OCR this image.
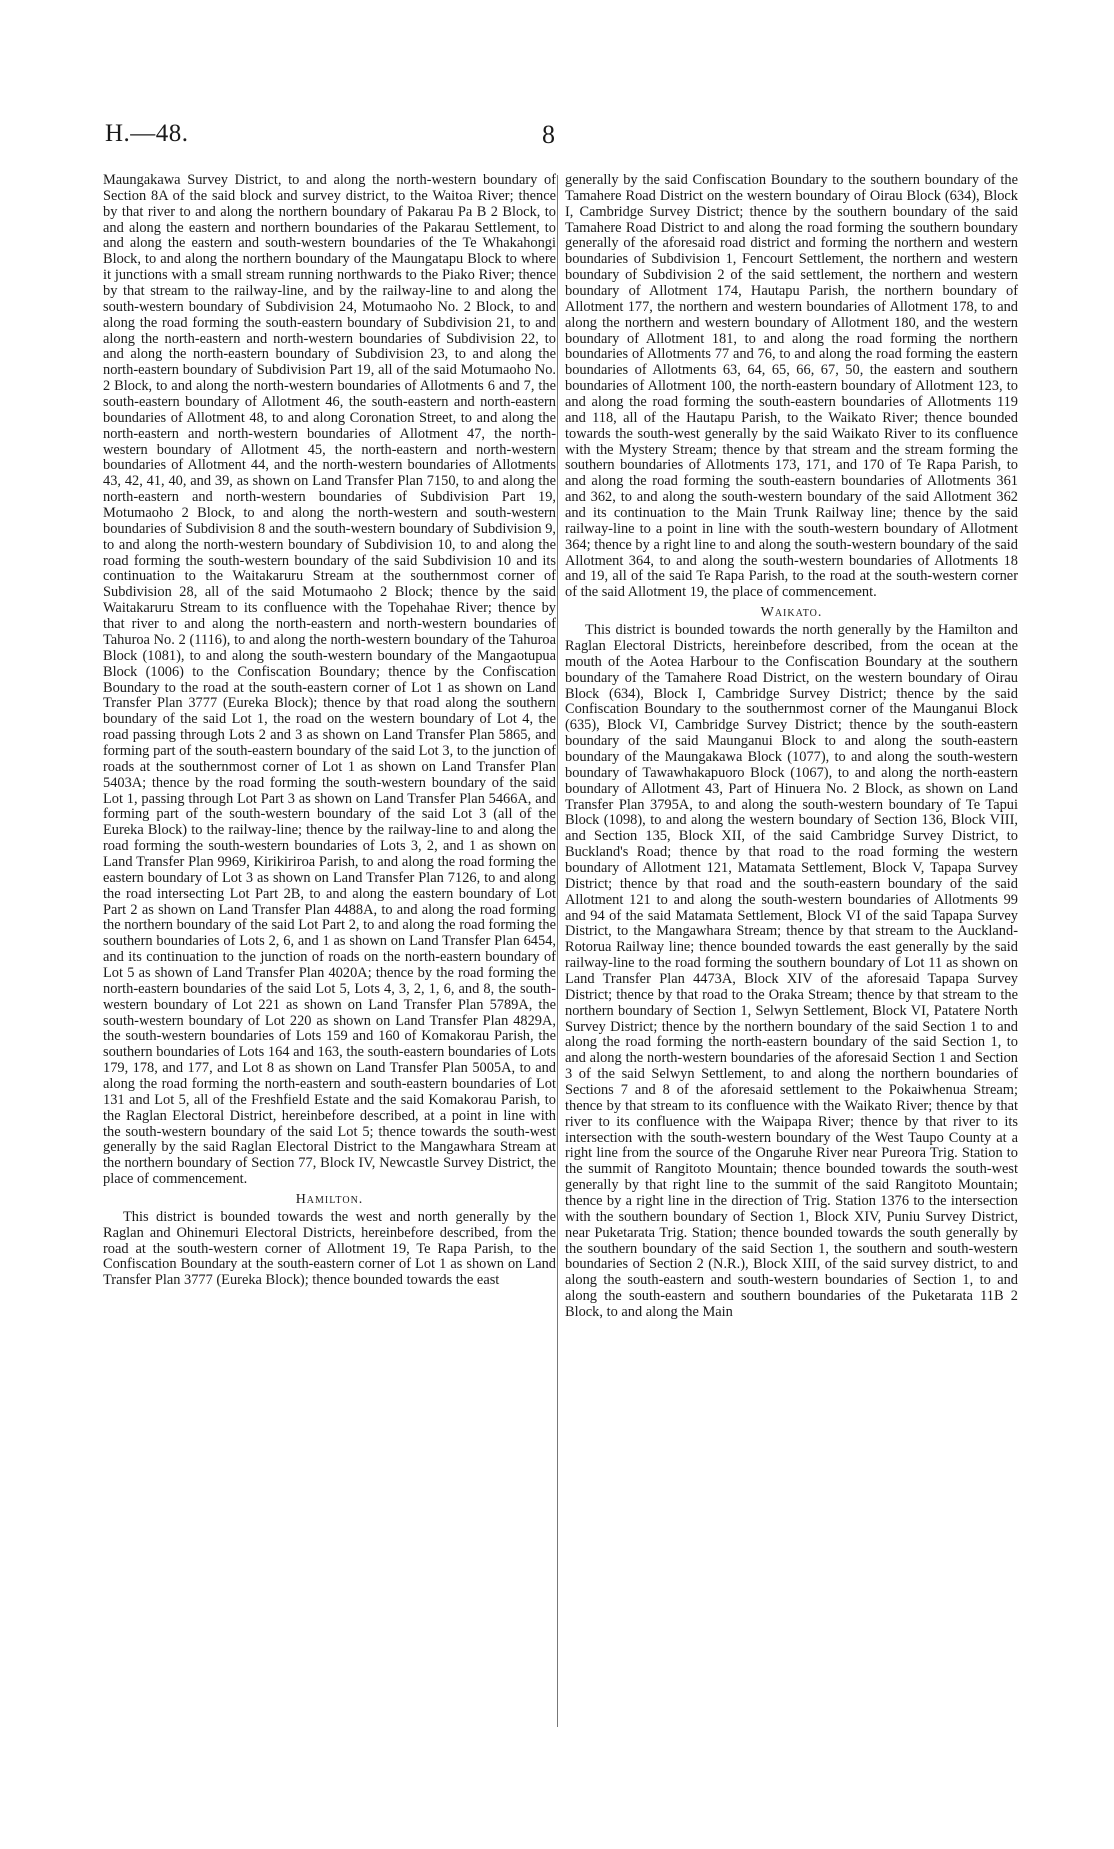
H.—48.	8

Maungakawa Survey District, to and along the north-western boundary of Section 8A of the said block and survey district, to the Waitoa River; thence by that river to and along the northern boundary of Pakarau Pa B 2 Block, to and along the eastern and northern boundaries of the Pakarau Settlement, to and along the eastern and south-western boundaries of the Te Whakahongi Block, to and along the northern boundary of the Maungatapu Block to where it junctions with a small stream running northwards to the Piako River; thence by that stream to the railway-line, and by the railway-line to and along the south-western boundary of Subdivision 24, Motumaoho No. 2 Block, to and along the road forming the south-eastern boundary of Subdivision 21, to and along the north-eastern and north-western boundaries of Subdivision 22, to and along the north-eastern boundary of Subdivision 23, to and along the north-eastern boundary of Subdivision Part 19, all of the said Motumaoho No. 2 Block, to and along the north-western boundaries of Allotments 6 and 7, the south-eastern boundary of Allotment 46, the south-eastern and north-eastern boundaries of Allotment 48, to and along Coronation Street, to and along the north-eastern and north-western boundaries of Allotment 47, the north-western boundary of Allotment 45, the north-eastern and north-western boundaries of Allotment 44, and the north-western boundaries of Allotments 43, 42, 41, 40, and 39, as shown on Land Transfer Plan 7150, to and along the north-eastern and north-western boundaries of Subdivision Part 19, Motumaoho 2 Block, to and along the north-western and south-western boundaries of Subdivision 8 and the south-western boundary of Subdivision 9, to and along the north-western boundary of Subdivision 10, to and along the road forming the south-western boundary of the said Subdivision 10 and its continuation to the Waitakaruru Stream at the southernmost corner of Subdivision 28, all of the said Motumaoho 2 Block; thence by the said Waitakaruru Stream to its confluence with the Topehahae River; thence by that river to and along the north-eastern and north-western boundaries of Tahuroa No. 2 (1116), to and along the north-western boundary of the Tahuroa Block (1081), to and along the south-western boundary of the Mangaotupua Block (1006) to the Confiscation Boundary; thence by the Confiscation Boundary to the road at the south-eastern corner of Lot 1 as shown on Land Transfer Plan 3777 (Eureka Block); thence by that road along the southern boundary of the said Lot 1, the road on the western boundary of Lot 4, the road passing through Lots 2 and 3 as shown on Land Transfer Plan 5865, and forming part of the south-eastern boundary of the said Lot 3, to the junction of roads at the southernmost corner of Lot 1 as shown on Land Transfer Plan 5403A; thence by the road forming the south-western boundary of the said Lot 1, passing through Lot Part 3 as shown on Land Transfer Plan 5466A, and forming part of the south-western boundary of the said Lot 3 (all of the Eureka Block) to the railway-line; thence by the railway-line to and along the road forming the south-western boundaries of Lots 3, 2, and 1 as shown on Land Transfer Plan 9969, Kirikiriroa Parish, to and along the road forming the eastern boundary of Lot 3 as shown on Land Transfer Plan 7126, to and along the road intersecting Lot Part 2B, to and along the eastern boundary of Lot Part 2 as shown on Land Transfer Plan 4488A, to and along the road forming the northern boundary of the said Lot Part 2, to and along the road forming the southern boundaries of Lots 2, 6, and 1 as shown on Land Transfer Plan 6454, and its continuation to the junction of roads on the north-eastern boundary of Lot 5 as shown of Land Transfer Plan 4020A; thence by the road forming the north-eastern boundaries of the said Lot 5, Lots 4, 3, 2, 1, 6, and 8, the south-western boundary of Lot 221 as shown on Land Transfer Plan 5789A, the south-western boundary of Lot 220 as shown on Land Transfer Plan 4829A, the south-western boundaries of Lots 159 and 160 of Komakorau Parish, the southern boundaries of Lots 164 and 163, the south-eastern boundaries of Lots 179, 178, and 177, and Lot 8 as shown on Land Transfer Plan 5005A, to and along the road forming the north-eastern and south-eastern boundaries of Lot 131 and Lot 5, all of the Freshfield Estate and the said Komakorau Parish, to the Raglan Electoral District, hereinbefore described, at a point in line with the south-western boundary of the said Lot 5; thence towards the south-west generally by the said Raglan Electoral District to the Mangawhara Stream at the northern boundary of Section 77, Block IV, Newcastle Survey District, the place of commencement.

Hamilton.

This district is bounded towards the west and north generally by the Raglan and Ohinemuri Electoral Districts, hereinbefore described, from the road at the south-western corner of Allotment 19, Te Rapa Parish, to the Confiscation Boundary at the south-eastern corner of Lot 1 as shown on Land Transfer Plan 3777 (Eureka Block); thence bounded towards the east

generally by the said Confiscation Boundary to the southern boundary of the Tamahere Road District on the western boundary of Oirau Block (634), Block I, Cambridge Survey District; thence by the southern boundary of the said Tamahere Road District to and along the road forming the southern boundary generally of the aforesaid road district and forming the northern and western boundaries of Subdivision 1, Fencourt Settlement, the northern and western boundary of Subdivision 2 of the said settlement, the northern and western boundary of Allotment 174, Hautapu Parish, the northern boundary of Allotment 177, the northern and western boundaries of Allotment 178, to and along the northern and western boundary of Allotment 180, and the western boundary of Allotment 181, to and along the road forming the northern boundaries of Allotments 77 and 76, to and along the road forming the eastern boundaries of Allotments 63, 64, 65, 66, 67, 50, the eastern and southern boundaries of Allotment 100, the north-eastern boundary of Allotment 123, to and along the road forming the south-eastern boundaries of Allotments 119 and 118, all of the Hautapu Parish, to the Waikato River; thence bounded towards the south-west generally by the said Waikato River to its confluence with the Mystery Stream; thence by that stream and the stream forming the southern boundaries of Allotments 173, 171, and 170 of Te Rapa Parish, to and along the road forming the south-eastern boundaries of Allotments 361 and 362, to and along the south-western boundary of the said Allotment 362 and its continuation to the Main Trunk Railway line; thence by the said railway-line to a point in line with the south-western boundary of Allotment 364; thence by a right line to and along the south-western boundary of the said Allotment 364, to and along the south-western boundaries of Allotments 18 and 19, all of the said Te Rapa Parish, to the road at the south-western corner of the said Allotment 19, the place of commencement.

Waikato.

This district is bounded towards the north generally by the Hamilton and Raglan Electoral Districts, hereinbefore described, from the ocean at the mouth of the Aotea Harbour to the Confiscation Boundary at the southern boundary of the Tamahere Road District, on the western boundary of Oirau Block (634), Block I, Cambridge Survey District; thence by the said Confiscation Boundary to the southernmost corner of the Maunganui Block (635), Block VI, Cambridge Survey District; thence by the south-eastern boundary of the said Maunganui Block to and along the south-eastern boundary of the Maungakawa Block (1077), to and along the south-western boundary of Tawawhakapuoro Block (1067), to and along the north-eastern boundary of Allotment 43, Part of Hinuera No. 2 Block, as shown on Land Transfer Plan 3795A, to and along the south-western boundary of Te Tapui Block (1098), to and along the western boundary of Section 136, Block VIII, and Section 135, Block XII, of the said Cambridge Survey District, to Buckland's Road; thence by that road to the road forming the western boundary of Allotment 121, Matamata Settlement, Block V, Tapapa Survey District; thence by that road and the south-eastern boundary of the said Allotment 121 to and along the south-western boundaries of Allotments 99 and 94 of the said Matamata Settlement, Block VI of the said Tapapa Survey District, to the Mangawhara Stream; thence by that stream to the Auckland-Rotorua Railway line; thence bounded towards the east generally by the said railway-line to the road forming the southern boundary of Lot 11 as shown on Land Transfer Plan 4473A, Block XIV of the aforesaid Tapapa Survey District; thence by that road to the Oraka Stream; thence by that stream to the northern boundary of Section 1, Selwyn Settlement, Block VI, Patatere North Survey District; thence by the northern boundary of the said Section 1 to and along the road forming the north-eastern boundary of the said Section 1, to and along the north-western boundaries of the aforesaid Section 1 and Section 3 of the said Selwyn Settlement, to and along the northern boundaries of Sections 7 and 8 of the aforesaid settlement to the Pokaiwhenua Stream; thence by that stream to its confluence with the Waikato River; thence by that river to its confluence with the Waipapa River; thence by that river to its intersection with the south-western boundary of the West Taupo County at a right line from the source of the Ongaruhe River near Pureora Trig. Station to the summit of Rangitoto Mountain; thence bounded towards the south-west generally by that right line to the summit of the said Rangitoto Mountain; thence by a right line in the direction of Trig. Station 1376 to the intersection with the southern boundary of Section 1, Block XIV, Puniu Survey District, near Puketarata Trig. Station; thence bounded towards the south generally by the southern boundary of the said Section 1, the southern and south-western boundaries of Section 2 (N.R.), Block XIII, of the said survey district, to and along the south-eastern and south-western boundaries of Section 1, to and along the south-eastern and southern boundaries of the Puketarata 11B 2 Block, to and along the Main
